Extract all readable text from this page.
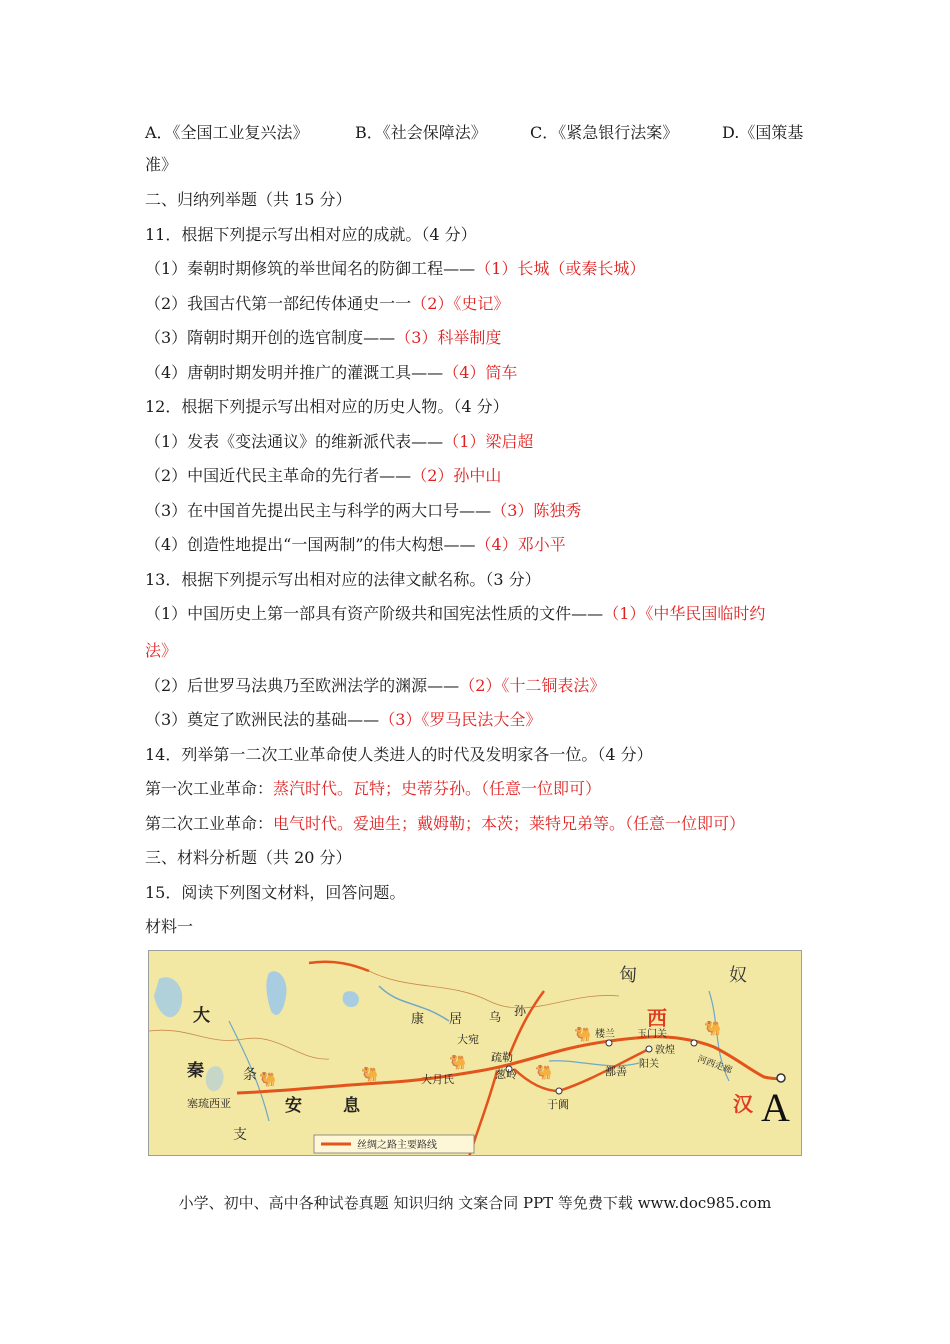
A．《全国工业复兴法》	B．《社会保障法》	C．《紧急银行法案》	D.《国策基
准》
二、归纳列举题（共 15 分）
11．根据下列提示写出相对应的成就。（4 分）
（1）秦朝时期修筑的举世闻名的防御工程——（1）长城（或秦长城）
（2）我国古代第一部纪传体通史一一（2）《史记》
（3）隋朝时期开创的选官制度——（3）科举制度
（4）唐朝时期发明并推广的灌溉工具——（4）筒车
12．根据下列提示写出相对应的历史人物。（4 分）
（1）发表《变法通议》的维新派代表——（1）梁启超
（2）中国近代民主革命的先行者——（2）孙中山
（3）在中国首先提出民主与科学的两大口号——（3）陈独秀
（4）创造性地提出“一国两制”的伟大构想——（4）邓小平
13．根据下列提示写出相对应的法律文献名称。（3 分）
（1）中国历史上第一部具有资产阶级共和国宪法性质的文件——（1）《中华民国临时约
法》
（2）后世罗马法典乃至欧洲法学的渊源——（2）《十二铜表法》
（3）奠定了欧洲民法的基础——（3）《罗马民法大全》
14．列举第一二次工业革命使人类进人的时代及发明家各一位。（4 分）
第一次工业革命：蒸汽时代。瓦特；史蒂芬孙。（任意一位即可）
第二次工业革命：电气时代。爱迪生；戴姆勒；本茨；莱特兄弟等。（任意一位即可）
三、材料分析题（共 20 分）
15．阅读下列图文材料，回答问题。
材料一
🐫	🐫
🐫
🐫	🐫
🐫
大
秦	条
支
塞琉西亚	安 息
康 居
大宛
乌 孙
疏勒
葱岭
大月氏
于阗
鄯善
楼兰 玉门关
敦煌
阳关	河西走廊
匈	奴
西
汉 A
丝绸之路主要路线
小学、初中、高中各种试卷真题 知识归纳 文案合同 PPT 等免费下载 www.doc985.com
